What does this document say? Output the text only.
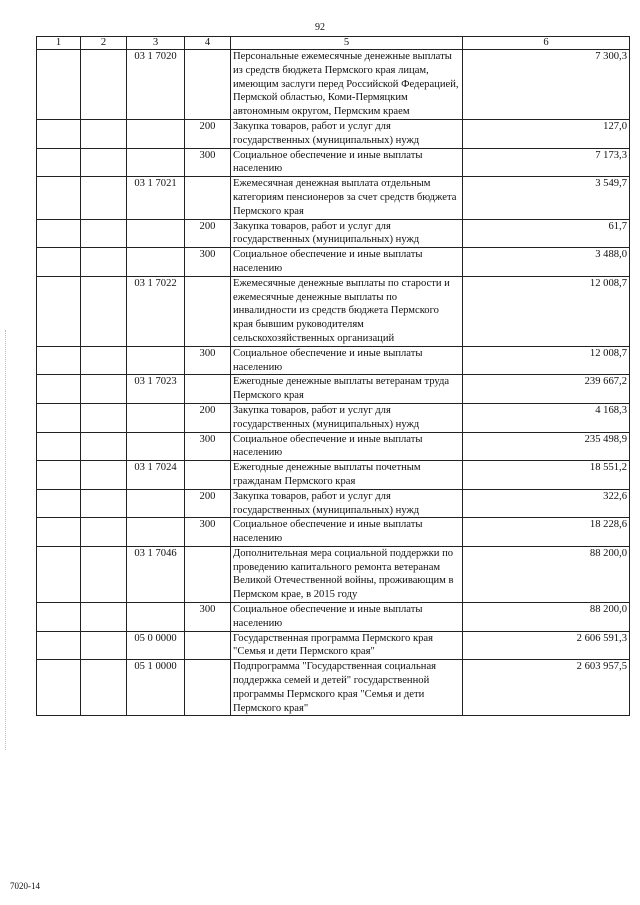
92
1	2	3	4	5	6
		03 1 7020		Персональные ежемесячные денежные выплаты из средств бюджета Пермского края лицам, имеющим заслуги перед Российской Федерацией, Пермской областью, Коми-Пермяцким автономным округом, Пермским краем	7 300,3
			200	Закупка товаров, работ и услуг для государственных (муниципальных) нужд	127,0
			300	Социальное обеспечение и иные выплаты населению	7 173,3
		03 1 7021		Ежемесячная денежная выплата отдельным категориям пенсионеров за счет средств бюджета Пермского края	3 549,7
			200	Закупка товаров, работ и услуг для государственных (муниципальных) нужд	61,7
			300	Социальное обеспечение и иные выплаты населению	3 488,0
		03 1 7022		Ежемесячные денежные выплаты по старости и ежемесячные денежные выплаты по инвалидности из средств бюджета Пермского края бывшим руководителям сельскохозяйственных организаций	12 008,7
			300	Социальное обеспечение и иные выплаты населению	12 008,7
		03 1 7023		Ежегодные денежные выплаты ветеранам труда Пермского края	239 667,2
			200	Закупка товаров, работ и услуг для государственных (муниципальных) нужд	4 168,3
			300	Социальное обеспечение и иные выплаты населению	235 498,9
		03 1 7024		Ежегодные денежные выплаты почетным гражданам Пермского края	18 551,2
			200	Закупка товаров, работ и услуг для государственных (муниципальных) нужд	322,6
			300	Социальное обеспечение и иные выплаты населению	18 228,6
		03 1 7046		Дополнительная мера социальной поддержки по проведению капитального ремонта ветеранам Великой Отечественной войны, проживающим в Пермском крае, в 2015 году	88 200,0
			300	Социальное обеспечение и иные выплаты населению	88 200,0
		05 0 0000		Государственная программа Пермского края "Семья и дети Пермского края"	2 606 591,3
		05 1 0000		Подпрограмма "Государственная социальная поддержка семей и детей" государственной программы Пермского края "Семья и дети Пермского края"	2 603 957,5
7020-14
